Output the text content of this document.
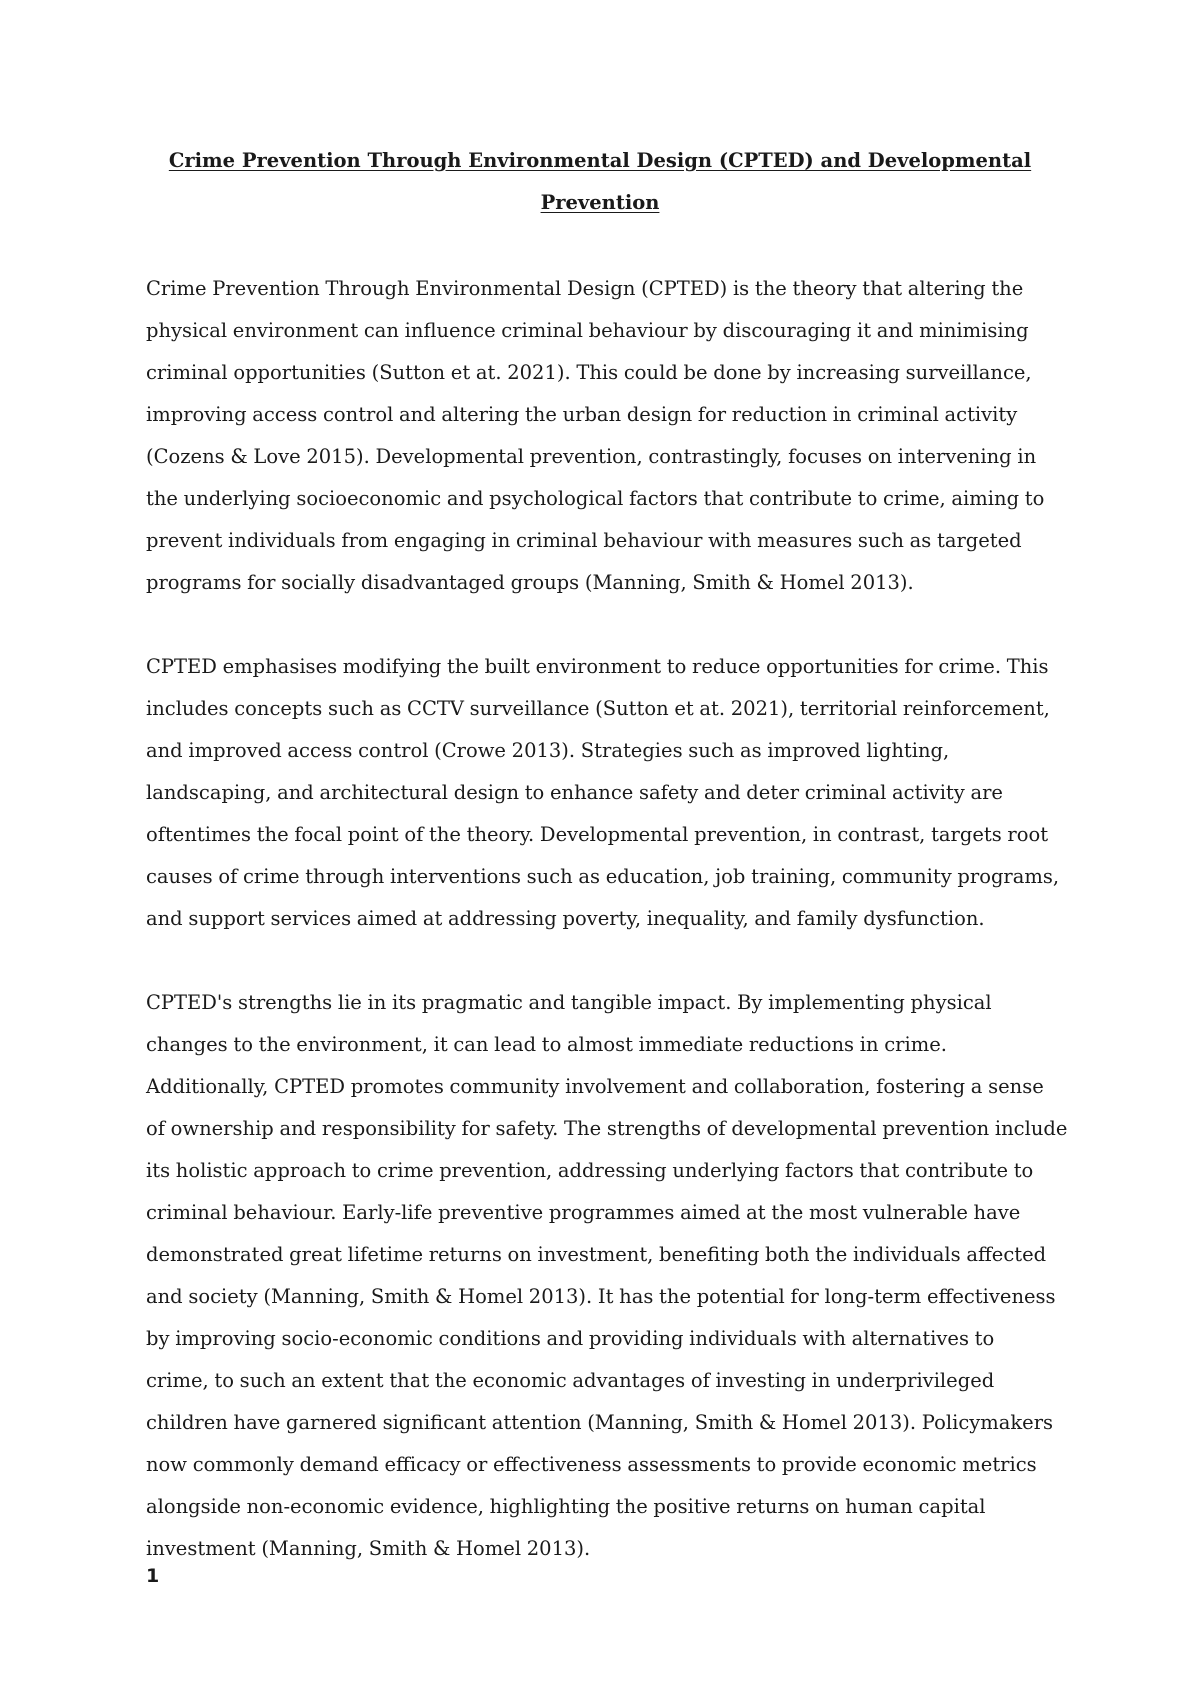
Crime Prevention Through Environmental Design (CPTED) and Developmental
Prevention

Crime Prevention Through Environmental Design (CPTED) is the theory that altering the
physical environment can influence criminal behaviour by discouraging it and minimising
criminal opportunities (Sutton et at. 2021). This could be done by increasing surveillance,
improving access control and altering the urban design for reduction in criminal activity
(Cozens & Love 2015). Developmental prevention, contrastingly, focuses on intervening in
the underlying socioeconomic and psychological factors that contribute to crime, aiming to
prevent individuals from engaging in criminal behaviour with measures such as targeted
programs for socially disadvantaged groups (Manning, Smith & Homel 2013).

CPTED emphasises modifying the built environment to reduce opportunities for crime. This
includes concepts such as CCTV surveillance (Sutton et at. 2021), territorial reinforcement,
and improved access control (Crowe 2013). Strategies such as improved lighting,
landscaping, and architectural design to enhance safety and deter criminal activity are
oftentimes the focal point of the theory. Developmental prevention, in contrast, targets root
causes of crime through interventions such as education, job training, community programs,
and support services aimed at addressing poverty, inequality, and family dysfunction.

CPTED's strengths lie in its pragmatic and tangible impact. By implementing physical
changes to the environment, it can lead to almost immediate reductions in crime.
Additionally, CPTED promotes community involvement and collaboration, fostering a sense
of ownership and responsibility for safety. The strengths of developmental prevention include
its holistic approach to crime prevention, addressing underlying factors that contribute to
criminal behaviour. Early-life preventive programmes aimed at the most vulnerable have
demonstrated great lifetime returns on investment, benefiting both the individuals affected
and society (Manning, Smith & Homel 2013). It has the potential for long-term effectiveness
by improving socio-economic conditions and providing individuals with alternatives to
crime, to such an extent that the economic advantages of investing in underprivileged
children have garnered significant attention (Manning, Smith & Homel 2013). Policymakers
now commonly demand efficacy or effectiveness assessments to provide economic metrics
alongside non-economic evidence, highlighting the positive returns on human capital
investment (Manning, Smith & Homel 2013).

1
